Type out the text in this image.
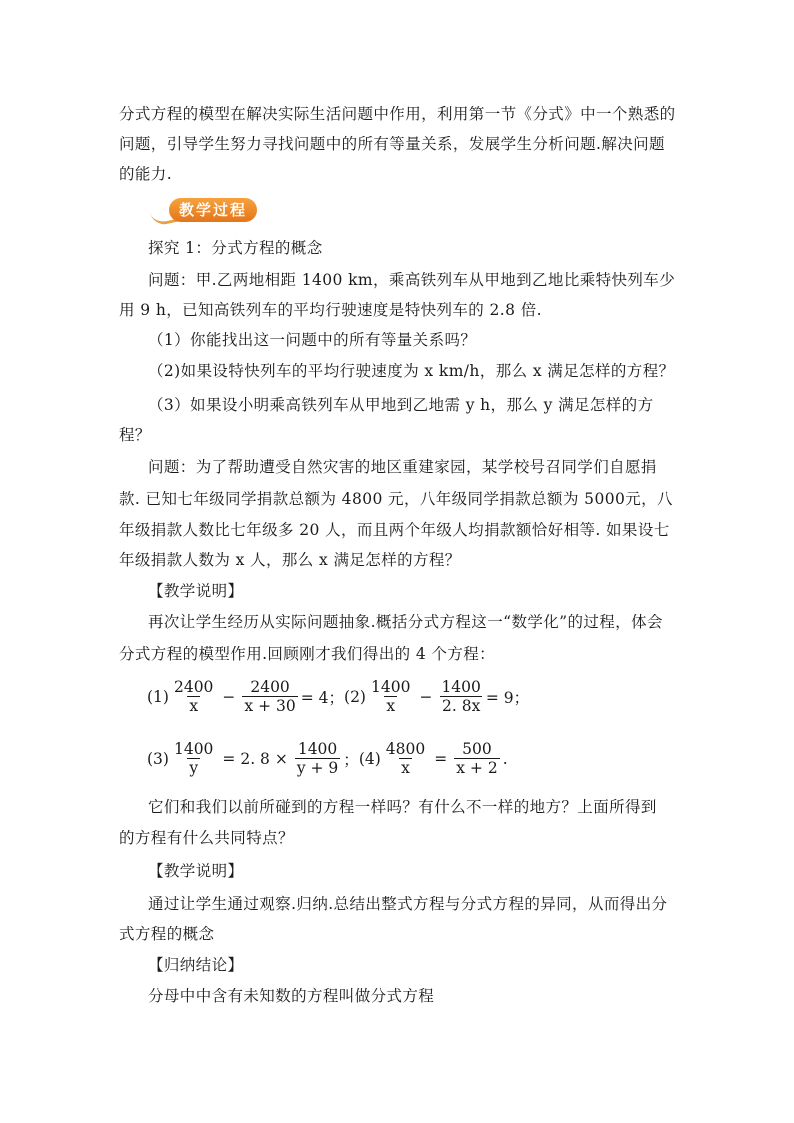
分式方程的模型在解决实际生活问题中作用，利用第一节《分式》中一个熟悉的
问题，引导学生努力寻找问题中的所有等量关系，发展学生分析问题.解决问题
的能力.
教学过程
探究 1：分式方程的概念
问题：甲.乙两地相距 1400 km，乘高铁列车从甲地到乙地比乘特快列车少
用 9 h，已知高铁列车的平均行驶速度是特快列车的 2.8 倍.
（1）你能找出这一问题中的所有等量关系吗？
（2)如果设特快列车的平均行驶速度为 x km/h，那么 x 满足怎样的方程？
（3）如果设小明乘高铁列车从甲地到乙地需 y h，那么 y 满足怎样的方
程？
问题：为了帮助遭受自然灾害的地区重建家园，某学校号召同学们自愿捐
款. 已知七年级同学捐款总额为 4800 元，八年级同学捐款总额为 5000元，八
年级捐款人数比七年级多 20 人，而且两个年级人均捐款额恰好相等. 如果设七
年级捐款人数为 x 人，那么 x 满足怎样的方程？
【教学说明】
再次让学生经历从实际问题抽象.概括分式方程这一“数学化”的过程，体会
分式方程的模型作用.回顾刚才我们得出的 4 个方程：
$(1) \frac{2400}{x} - \frac{2400}{x + 30} = 4$； $(2) \frac{1400}{x} - \frac{1400}{2. 8x} = 9$；
$(3) \frac{1400}{y} = 2$. $8 \times \frac{1400}{y + 9}$ ； $(4) \frac{4800}{x} = \frac{500}{x + 2}$ .
它们和我们以前所碰到的方程一样吗？有什么不一样的地方？上面所得到
的方程有什么共同特点？
【教学说明】
通过让学生通过观察.归纳.总结出整式方程与分式方程的异同，从而得出分
式方程的概念
【归纳结论】
分母中中含有未知数的方程叫做分式方程
